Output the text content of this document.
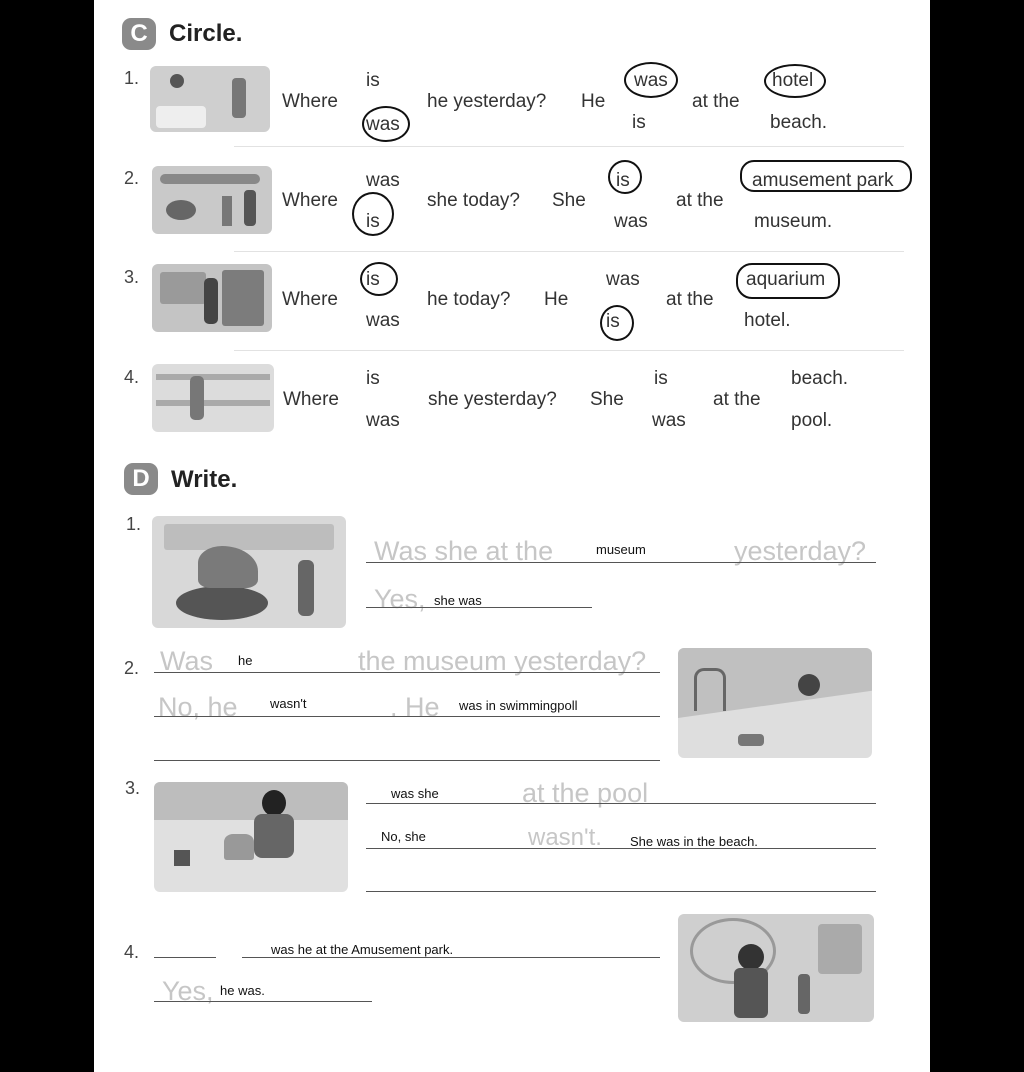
C Circle.
1.
Where
is
was
he yesterday? He
was
is
at the
hotel
beach.
2.
Where
was
is
she today? She
is
was
at the
amusement park
museum.
3.
Where
is
was
he today? He
was
is
at the
aquarium
hotel.
4.
Where
is
was
she yesterday? She
is
was
at the
beach.
pool.
D Write.
1.
Was she at the	museum	yesterday?
Yes, she was
2. Was he	the museum yesterday?
No, he wasn't	. He was in swimmingpoll
3.	was she	at the pool
No, she	wasn't. She was in the beach.
4.	was he at the Amusement park.
Yes, he was.
